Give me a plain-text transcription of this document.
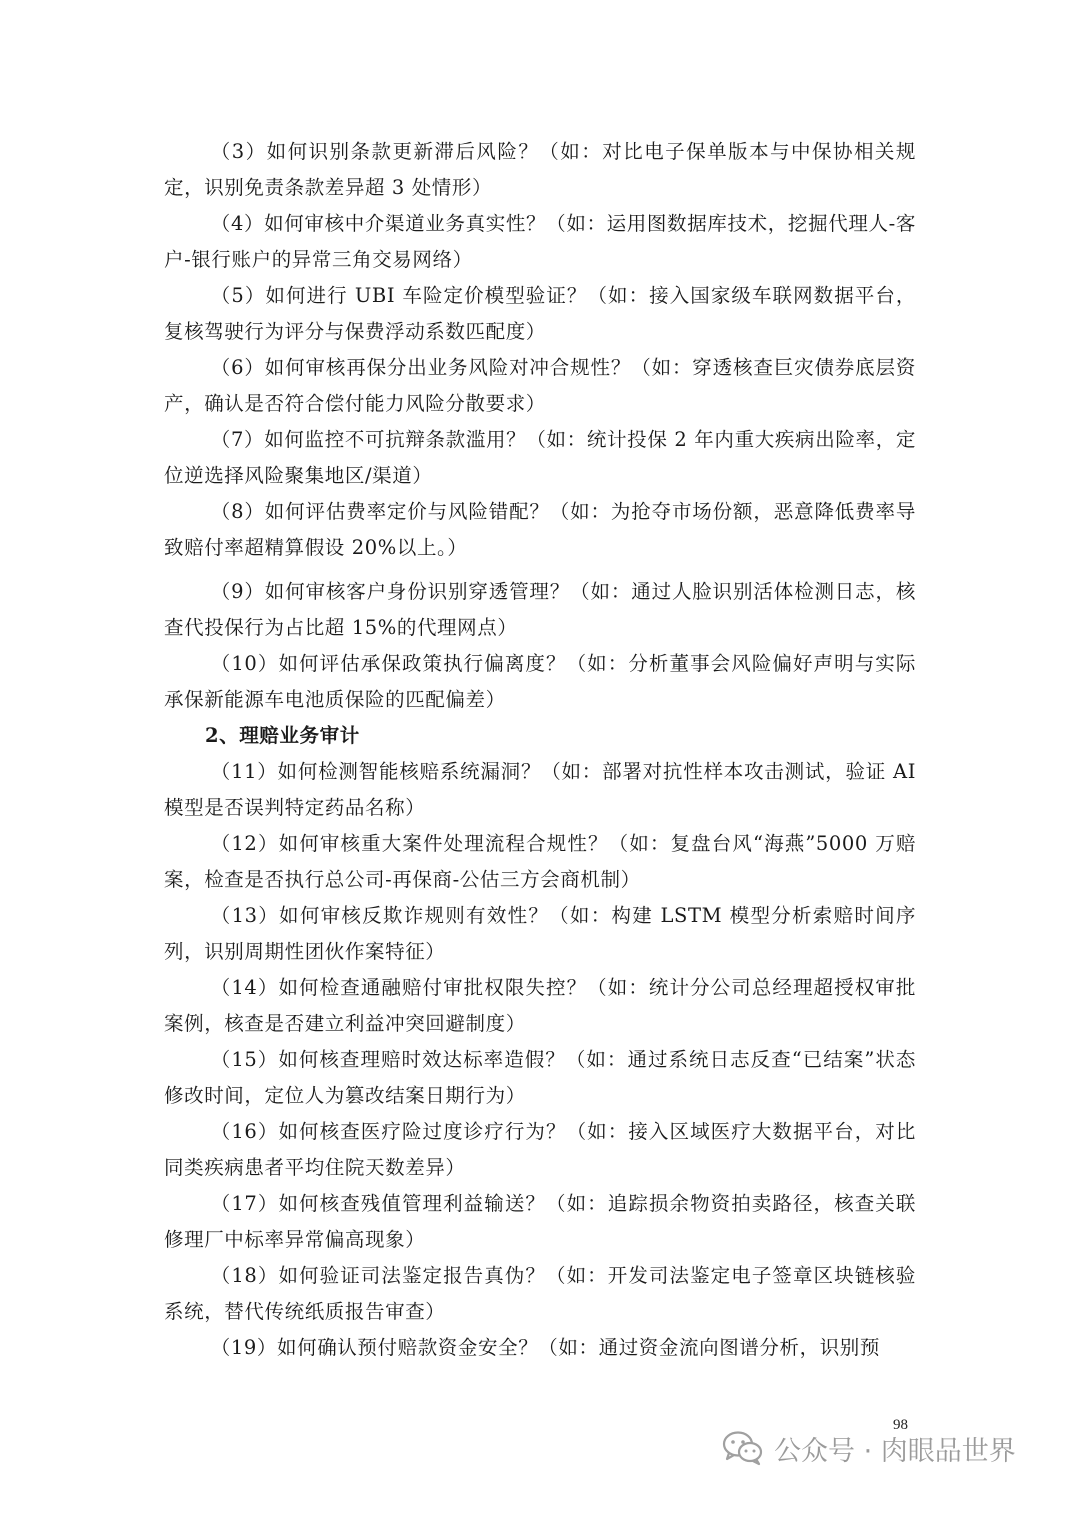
（3）如何识别条款更新滞后风险？（如：对比电子保单版本与中保协相关规定，识别免责条款差异超 3 处情形）

（4）如何审核中介渠道业务真实性？（如：运用图数据库技术，挖掘代理人-客户-银行账户的异常三角交易网络）

（5）如何进行 UBI 车险定价模型验证？（如：接入国家级车联网数据平台，复核驾驶行为评分与保费浮动系数匹配度）

（6）如何审核再保分出业务风险对冲合规性？（如：穿透核查巨灾债券底层资产，确认是否符合偿付能力风险分散要求）

（7）如何监控不可抗辩条款滥用？（如：统计投保 2 年内重大疾病出险率，定位逆选择风险聚集地区/渠道）

（8）如何评估费率定价与风险错配？（如：为抢夺市场份额，恶意降低费率导致赔付率超精算假设 20%以上。）

（9）如何审核客户身份识别穿透管理？（如：通过人脸识别活体检测日志，核查代投保行为占比超 15%的代理网点）

（10）如何评估承保政策执行偏离度？（如：分析董事会风险偏好声明与实际承保新能源车电池质保险的匹配偏差）

2、理赔业务审计

（11）如何检测智能核赔系统漏洞？（如：部署对抗性样本攻击测试，验证 AI 模型是否误判特定药品名称）

（12）如何审核重大案件处理流程合规性？（如：复盘台风“海燕”5000 万赔案，检查是否执行总公司-再保商-公估三方会商机制）

（13）如何审核反欺诈规则有效性？（如：构建 LSTM 模型分析索赔时间序列，识别周期性团伙作案特征）

（14）如何检查通融赔付审批权限失控？（如：统计分公司总经理超授权审批案例，核查是否建立利益冲突回避制度）

（15）如何核查理赔时效达标率造假？（如：通过系统日志反查“已结案”状态修改时间，定位人为篡改结案日期行为）

（16）如何核查医疗险过度诊疗行为？（如：接入区域医疗大数据平台，对比同类疾病患者平均住院天数差异）

（17）如何核查残值管理利益输送？（如：追踪损余物资拍卖路径，核查关联修理厂中标率异常偏高现象）

（18）如何验证司法鉴定报告真伪？（如：开发司法鉴定电子签章区块链核验系统，替代传统纸质报告审查）

（19）如何确认预付赔款资金安全？（如：通过资金流向图谱分析，识别预

98
公众号 · 肉眼品世界
